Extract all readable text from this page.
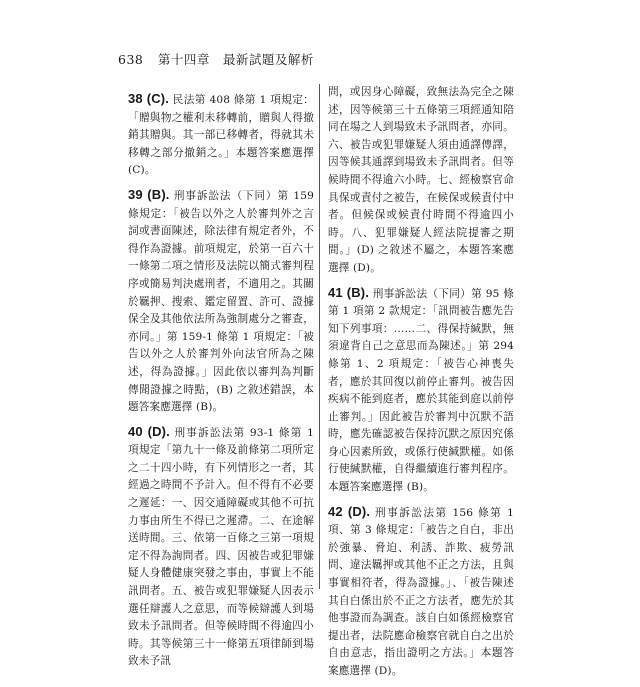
638 第十四章　最新試題及解析

38 (C). 民法第 408 條第 1 項規定：「贈與物之權利未移轉前，贈與人得撤銷其贈與。其一部已移轉者，得就其未移轉之部分撤銷之。」本題答案應選擇 (C)。

39 (B). 刑事訴訟法（下同）第 159 條規定：「被告以外之人於審判外之言詞或書面陳述，除法律有規定者外，不得作為證據。前項規定，於第一百六十一條第二項之情形及法院以簡式審判程序或簡易判決處刑者，不適用之。其關於羈押、搜索、鑑定留置、許可、證據保全及其他依法所為強制處分之審查，亦同。」第 159-1 條第 1 項規定：「被告以外之人於審判外向法官所為之陳述，得為證據。」因此依以審判為判斷傳聞證據之時點，(B) 之敘述錯誤，本題答案應選擇 (B)。

40 (D). 刑事訴訟法第 93-1 條第 1 項規定「第九十一條及前條第二項所定之二十四小時，有下列情形之一者，其經過之時間不予計入。但不得有不必要之遲延：一、因交通障礙或其他不可抗力事由所生不得已之遲滯。二、在途解送時間。三、依第一百條之三第一項規定不得為詢問者。四、因被告或犯罪嫌疑人身體健康突發之事由，事實上不能訊問者。五、被告或犯罪嫌疑人因表示選任辯護人之意思，而等候辯護人到場致未予訊問者。但等候時間不得逾四小時。其等候第三十一條第五項律師到場致未予訊

問，或因身心障礙，致無法為完全之陳述，因等候第三十五條第三項經通知陪同在場之人到場致未予訊問者，亦同。六、被告或犯罪嫌疑人須由通譯傳譯，因等候其通譯到場致未予訊問者。但等候時間不得逾六小時。七、經檢察官命具保或責付之被告，在候保或候責付中者。但候保或候責付時間不得逾四小時。八、犯罪嫌疑人經法院提審之期間。」(D) 之敘述不屬之，本題答案應選擇 (D)。

41 (B). 刑事訴訟法（下同）第 95 條第 1 項第 2 款規定：「訊問被告應先告知下列事項：……二、得保持緘默，無須違背自己之意思而為陳述。」第 294 條第 1、2 項規定：「被告心神喪失者，應於其回復以前停止審判。被告因疾病不能到庭者，應於其能到庭以前停止審判。」因此被告於審判中沉默不語時，應先確認被告保持沉默之原因究係身心因素所致，或係行使緘默權。如係行使緘默權，自得繼續進行審判程序。本題答案應選擇 (B)。

42 (D). 刑事訴訟法第 156 條第 1 項、第 3 條規定：「被告之自白，非出於強暴、脅迫、利誘、詐欺、疲勞訊問、違法羈押或其他不正之方法，且與事實相符者，得為證據。」、「被告陳述其自白係出於不正之方法者，應先於其他事證而為調查。該自白如係經檢察官提出者，法院應命檢察官就自白之出於自由意志，指出證明之方法。」本題答案應選擇 (D)。
